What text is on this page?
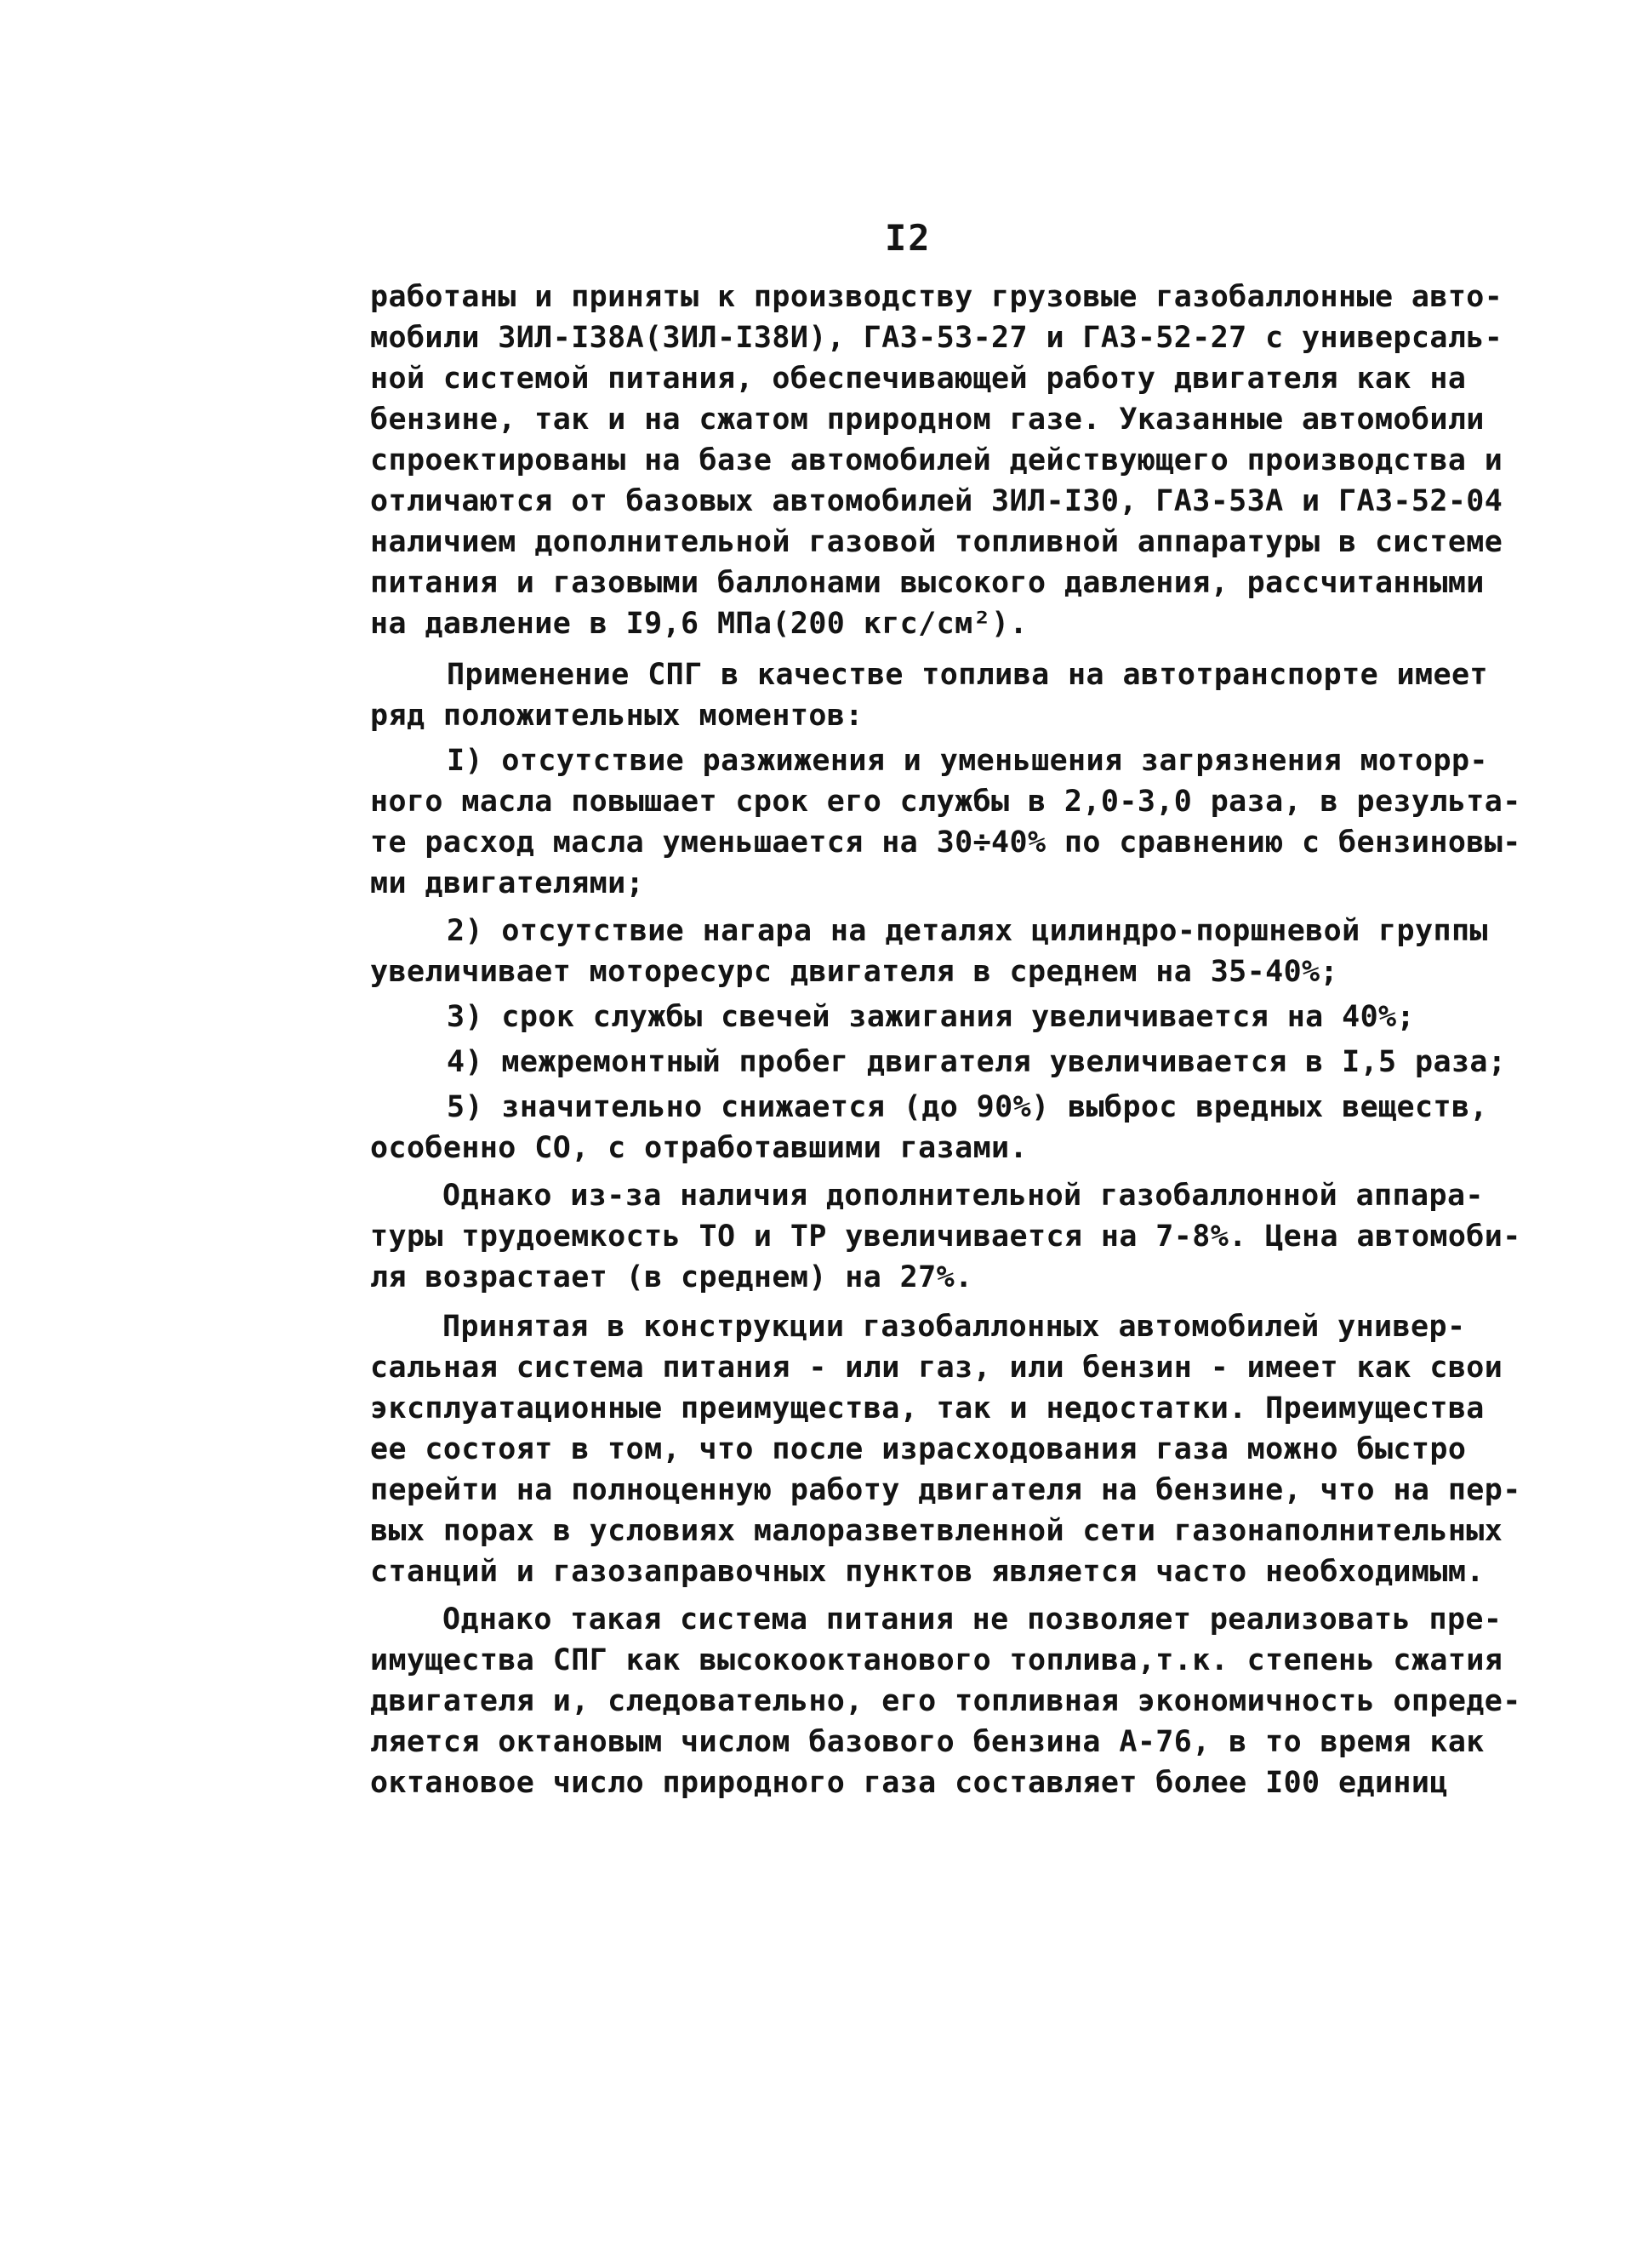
I2
работаны и приняты к производству грузовые газобаллонные авто-
мобили ЗИЛ-I38А(ЗИЛ-I38И), ГАЗ-53-27 и ГАЗ-52-27 с универсаль-
ной системой питания, обеспечивающей работу двигателя как на
бензине, так и на сжатом природном газе. Указанные автомобили
спроектированы на базе автомобилей действующего производства и
отличаются от базовых автомобилей ЗИЛ-I30, ГАЗ-53А и ГАЗ-52-04
наличием дополнительной газовой топливной аппаратуры в системе
питания и газовыми баллонами высокого давления, рассчитанными
на давление в I9,6 МПа(200 кгс/см²).
Применение СПГ в качестве топлива на автотранспорте имеет
ряд положительных моментов:
I) отсутствие разжижения и уменьшения загрязнения моторр-
ного масла повышает срок его службы в 2,0-3,0 раза, в результа-
те расход масла уменьшается на 30÷40% по сравнению с бензиновы-
ми двигателями;
2) отсутствие нагара на деталях цилиндро-поршневой группы
увеличивает моторесурс двигателя в среднем на 35-40%;
3) срок службы свечей зажигания увеличивается на 40%;
4) межремонтный пробег двигателя увеличивается в I,5 раза;
5) значительно снижается (до 90%) выброс вредных веществ,
особенно СО, с отработавшими газами.
Однако из-за наличия дополнительной газобаллонной аппара-
туры трудоемкость ТО и ТР увеличивается на 7-8%. Цена автомоби-
ля возрастает (в среднем) на 27%.
Принятая в конструкции газобаллонных автомобилей универ-
сальная система питания - или газ, или бензин - имеет как свои
эксплуатационные преимущества, так и недостатки. Преимущества
ее состоят в том, что после израсходования газа можно быстро
перейти на полноценную работу двигателя на бензине, что на пер-
вых порах в условиях малоразветвленной сети газонаполнительных
станций и газозаправочных пунктов является часто необходимым.
Однако такая система питания не позволяет реализовать пре-
имущества СПГ как высокооктанового топлива,т.к. степень сжатия
двигателя и, следовательно, его топливная экономичность опреде-
ляется октановым числом базового бензина А-76, в то время как
октановое число природного газа составляет более I00 единиц
